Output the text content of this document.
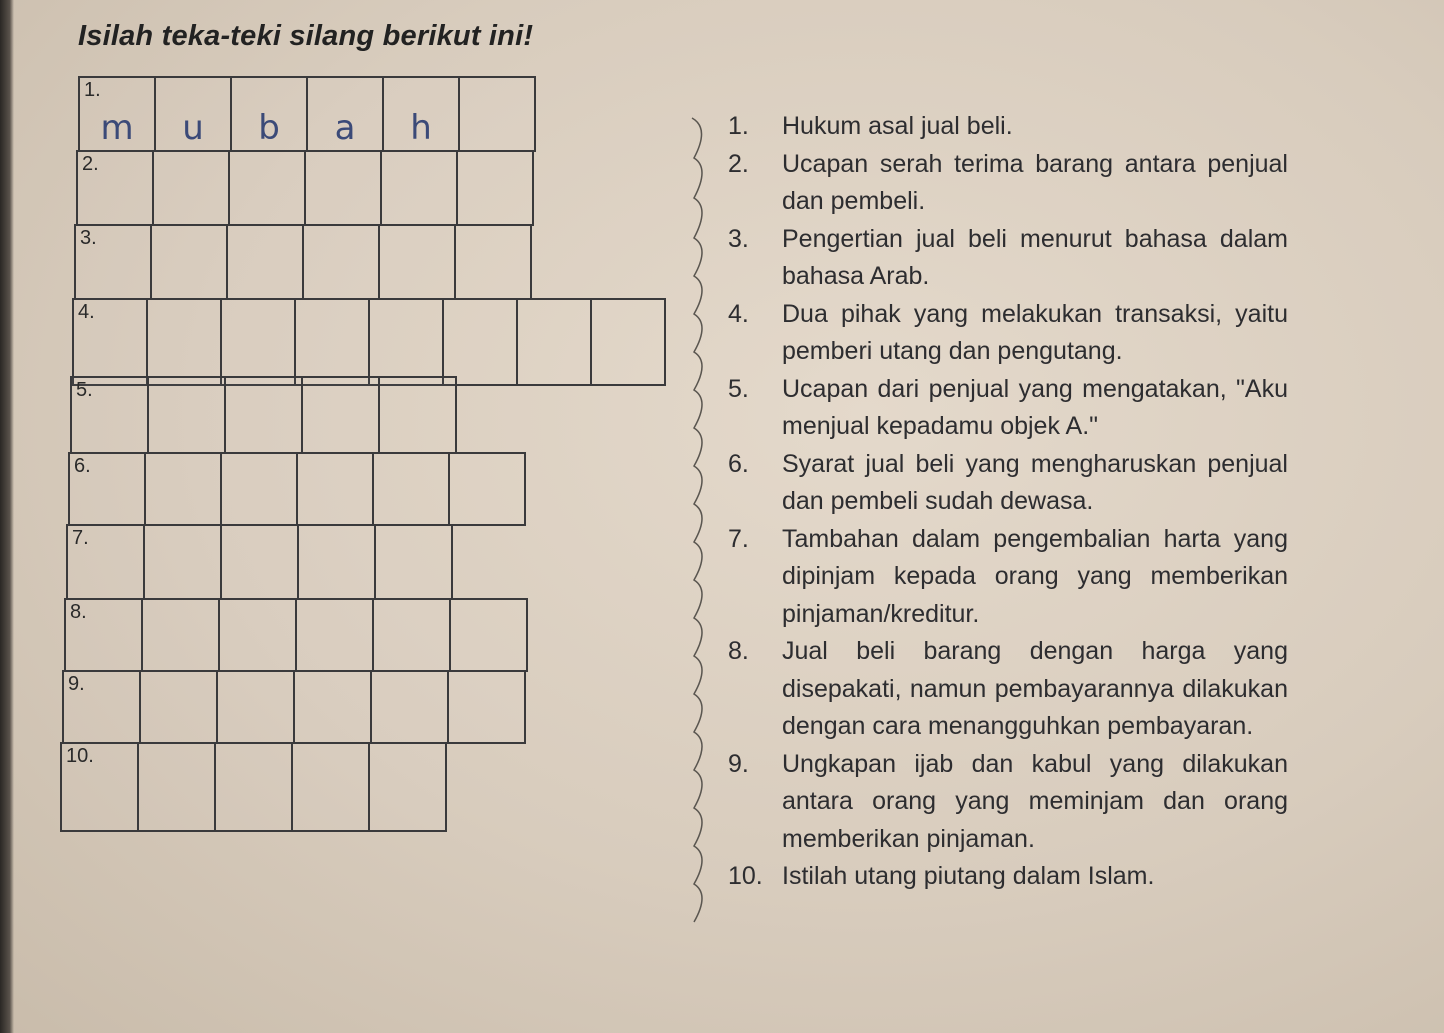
Isilah teka-teki silang berikut ini!
1.
m	u	b	a	h
2.
3.
4.
5.
6.
7.
8.
9.
10.
1.	Hukum asal jual beli.
2.	Ucapan serah terima barang antara penjual dan pembeli.
3.	Pengertian jual beli menurut bahasa dalam bahasa Arab.
4.	Dua pihak yang melakukan transaksi, yaitu pemberi utang dan pengutang.
5.	Ucapan dari penjual yang mengatakan, "Aku menjual kepadamu objek A."
6.	Syarat jual beli yang mengharuskan penjual dan pembeli sudah dewasa.
7.	Tambahan dalam pengembalian harta yang dipinjam kepada orang yang memberikan pinjaman/kreditur.
8.	Jual beli barang dengan harga yang disepakati, namun pembayarannya dilakukan dengan cara menangguhkan pembayaran.
9.	Ungkapan ijab dan kabul yang dilakukan antara orang yang meminjam dan orang memberikan pinjaman.
10. Istilah utang piutang dalam Islam.
